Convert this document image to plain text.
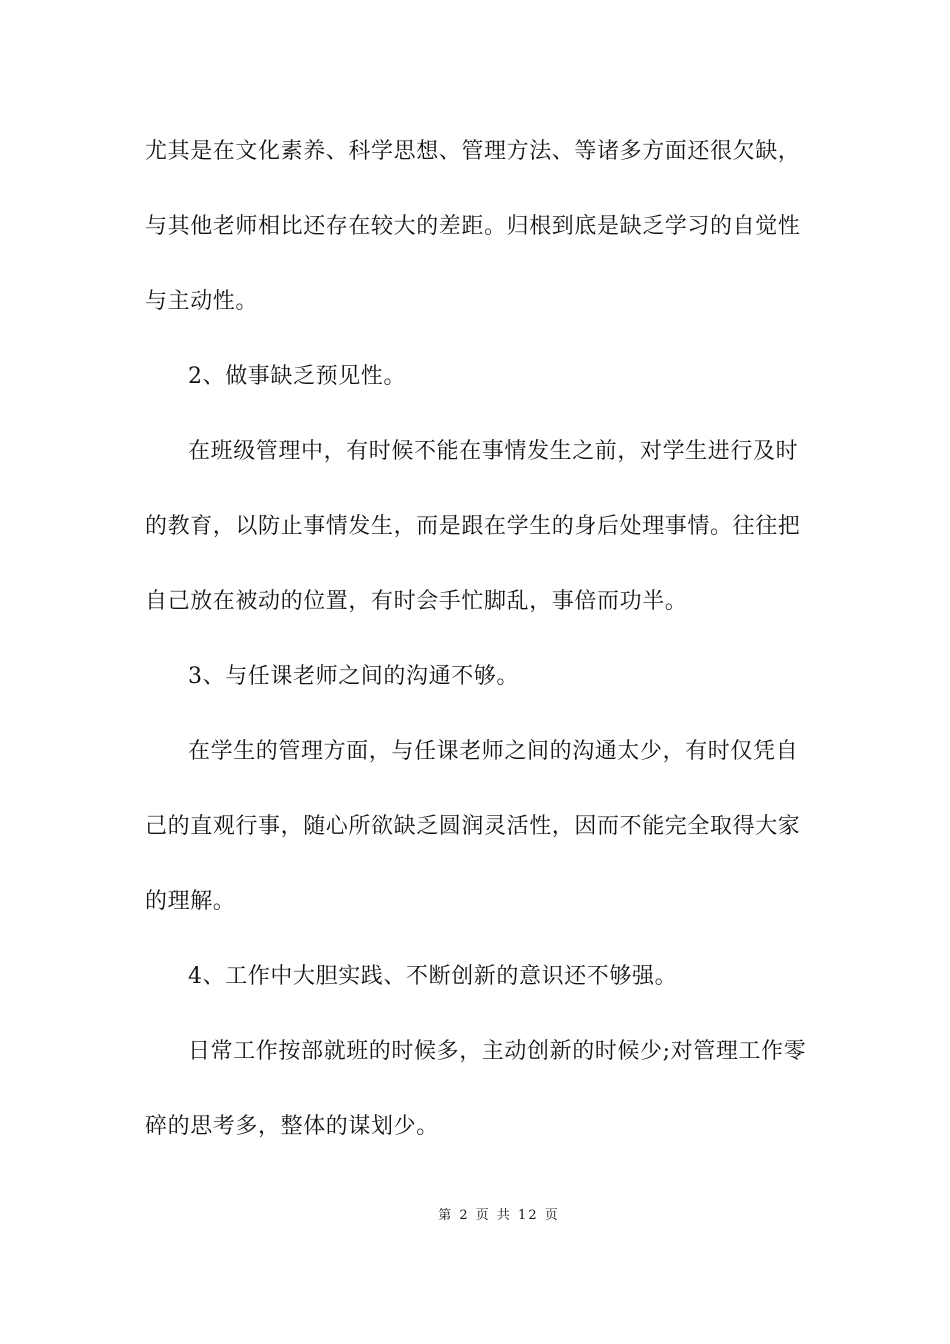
尤其是在文化素养、科学思想、管理方法、等诸多方面还很欠缺，
与其他老师相比还存在较大的差距。归根到底是缺乏学习的自觉性
与主动性。
2、做事缺乏预见性。
在班级管理中，有时候不能在事情发生之前，对学生进行及时
的教育，以防止事情发生，而是跟在学生的身后处理事情。往往把
自己放在被动的位置，有时会手忙脚乱，事倍而功半。
3、与任课老师之间的沟通不够。
在学生的管理方面，与任课老师之间的沟通太少，有时仅凭自
己的直观行事，随心所欲缺乏圆润灵活性，因而不能完全取得大家
的理解。
4、工作中大胆实践、不断创新的意识还不够强。
日常工作按部就班的时候多，主动创新的时候少;对管理工作零
碎的思考多，整体的谋划少。
第 2 页 共 12 页
